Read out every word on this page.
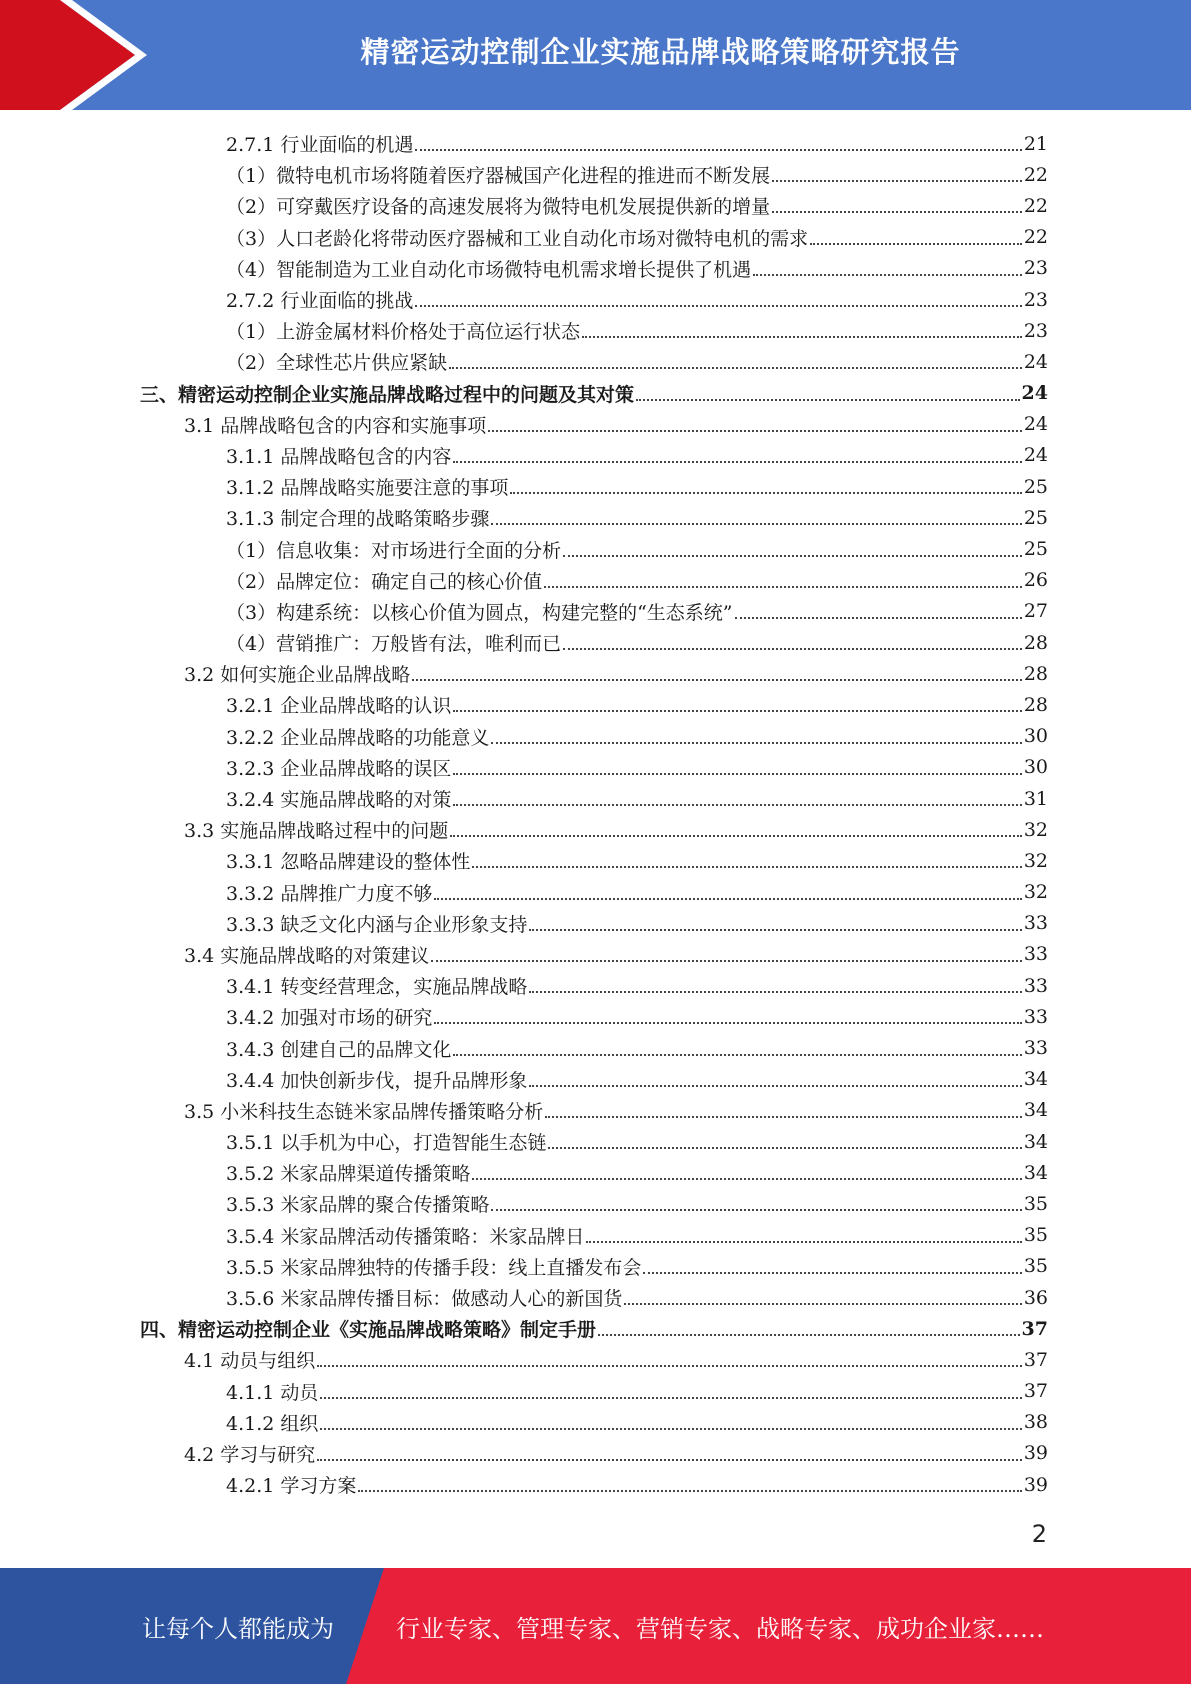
精密运动控制企业实施品牌战略策略研究报告
2.7.1 行业面临的机遇	21
（1）微特电机市场将随着医疗器械国产化进程的推进而不断发展	22
（2）可穿戴医疗设备的高速发展将为微特电机发展提供新的增量	22
（3）人口老龄化将带动医疗器械和工业自动化市场对微特电机的需求	22
（4）智能制造为工业自动化市场微特电机需求增长提供了机遇	23
2.7.2 行业面临的挑战	23
（1）上游金属材料价格处于高位运行状态	23
（2）全球性芯片供应紧缺	24
三、精密运动控制企业实施品牌战略过程中的问题及其对策	24
3.1 品牌战略包含的内容和实施事项	24
3.1.1 品牌战略包含的内容	24
3.1.2 品牌战略实施要注意的事项	25
3.1.3 制定合理的战略策略步骤	25
（1）信息收集：对市场进行全面的分析	25
（2）品牌定位：确定自己的核心价值	26
（3）构建系统：以核心价值为圆点，构建完整的“生态系统”	27
（4）营销推广：万般皆有法，唯利而已	28
3.2 如何实施企业品牌战略	28
3.2.1 企业品牌战略的认识	28
3.2.2 企业品牌战略的功能意义	30
3.2.3 企业品牌战略的误区	30
3.2.4 实施品牌战略的对策	31
3.3 实施品牌战略过程中的问题	32
3.3.1 忽略品牌建设的整体性	32
3.3.2 品牌推广力度不够	32
3.3.3 缺乏文化内涵与企业形象支持	33
3.4 实施品牌战略的对策建议	33
3.4.1 转变经营理念，实施品牌战略	33
3.4.2 加强对市场的研究	33
3.4.3 创建自己的品牌文化	33
3.4.4 加快创新步伐，提升品牌形象	34
3.5 小米科技生态链米家品牌传播策略分析	34
3.5.1 以手机为中心，打造智能生态链	34
3.5.2 米家品牌渠道传播策略	34
3.5.3 米家品牌的聚合传播策略	35
3.5.4 米家品牌活动传播策略：米家品牌日	35
3.5.5 米家品牌独特的传播手段：线上直播发布会	35
3.5.6 米家品牌传播目标：做感动人心的新国货	36
四、精密运动控制企业《实施品牌战略策略》制定手册	37
4.1 动员与组织	37
4.1.1 动员	37
4.1.2 组织	38
4.2 学习与研究	39
4.2.1 学习方案	39
2
让每个人都能成为	行业专家、管理专家、营销专家、战略专家、成功企业家……
